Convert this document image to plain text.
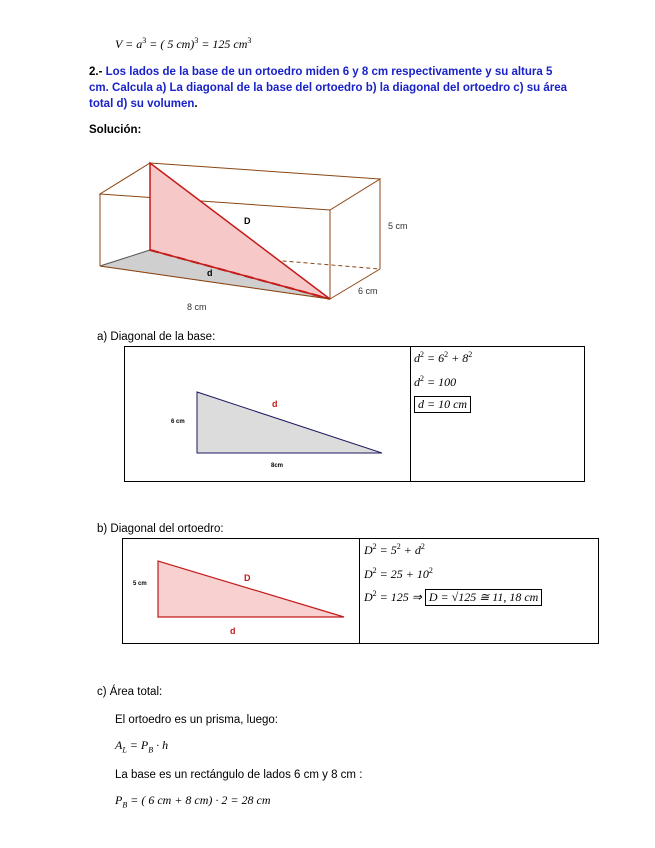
$V = a^3$ = ( 5 cm)$^3$ = 125 $cm^3$
2.- Los lados de la base de un ortoedro miden 6 y 8 cm respectivamente y su altura 5 cm. Calcula a) La diagonal de la base del ortoedro b) la diagonal del ortoedro c) su área total d) su volumen.
Solución:
D
d
5 cm
6 cm
8 cm
a) Diagonal de la base:
6 cm
d
8cm
$d^2 = 6^2 + 8^2$
$d^2 = 100$
d = 10 cm
b) Diagonal del ortoedro:
5 cm
D
d
$D^2 = 5^2 + d^2$
$D^2 = 25 + 10^2$
$D^2 = 125$ ⇒ D = √125 ≅ 11, 18 cm
c) Área total:
El ortoedro es un prisma, luego:
$A_L = P_B \cdot h$
La base es un rectángulo de lados 6 cm y 8 cm :
$P_B$ = ( 6 cm + 8 cm) · 2 = 28 cm
